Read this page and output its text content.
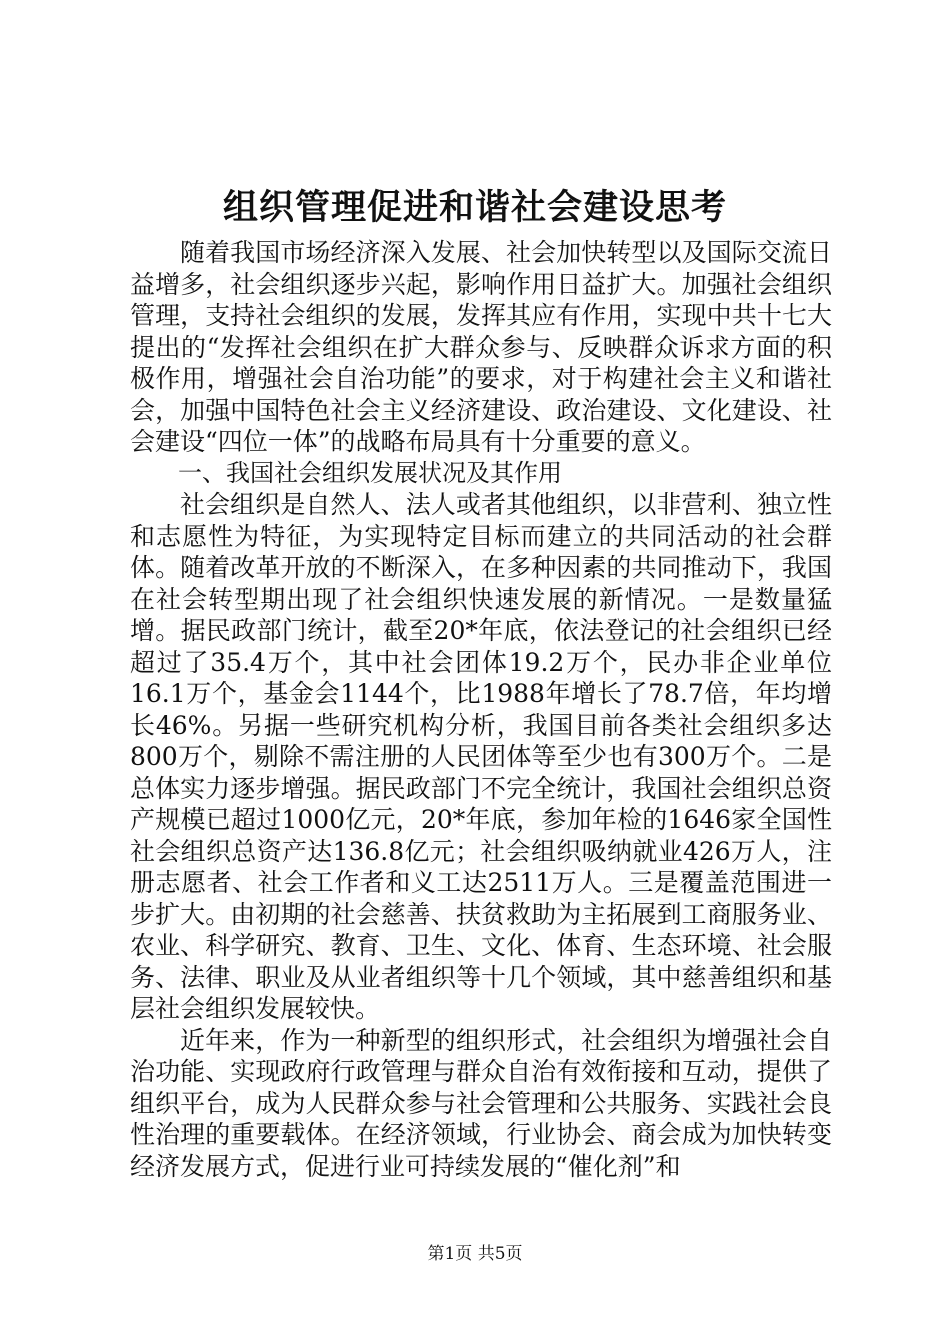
组织管理促进和谐社会建设思考

随着我国市场经济深入发展、社会加快转型以及国际交流日益增多，社会组织逐步兴起，影响作用日益扩大。加强社会组织管理，支持社会组织的发展，发挥其应有作用，实现中共十七大提出的“发挥社会组织在扩大群众参与、反映群众诉求方面的积极作用，增强社会自治功能”的要求，对于构建社会主义和谐社会，加强中国特色社会主义经济建设、政治建设、文化建设、社会建设“四位一体”的战略布局具有十分重要的意义。

一、我国社会组织发展状况及其作用

社会组织是自然人、法人或者其他组织，以非营利、独立性和志愿性为特征，为实现特定目标而建立的共同活动的社会群体。随着改革开放的不断深入，在多种因素的共同推动下，我国在社会转型期出现了社会组织快速发展的新情况。一是数量猛增。据民政部门统计，截至20*年底，依法登记的社会组织已经超过了35.4万个，其中社会团体19.2万个，民办非企业单位16.1万个，基金会1144个，比1988年增长了78.7倍，年均增长46%。另据一些研究机构分析，我国目前各类社会组织多达800万个，剔除不需注册的人民团体等至少也有300万个。二是总体实力逐步增强。据民政部门不完全统计，我国社会组织总资产规模已超过1000亿元，20*年底，参加年检的1646家全国性社会组织总资产达136.8亿元；社会组织吸纳就业426万人，注册志愿者、社会工作者和义工达2511万人。三是覆盖范围进一步扩大。由初期的社会慈善、扶贫救助为主拓展到工商服务业、农业、科学研究、教育、卫生、文化、体育、生态环境、社会服务、法律、职业及从业者组织等十几个领域，其中慈善组织和基层社会组织发展较快。

近年来，作为一种新型的组织形式，社会组织为增强社会自治功能、实现政府行政管理与群众自治有效衔接和互动，提供了组织平台，成为人民群众参与社会管理和公共服务、实践社会良性治理的重要载体。在经济领域，行业协会、商会成为加快转变经济发展方式，促进行业可持续发展的“催化剂”和

第1页 共5页
